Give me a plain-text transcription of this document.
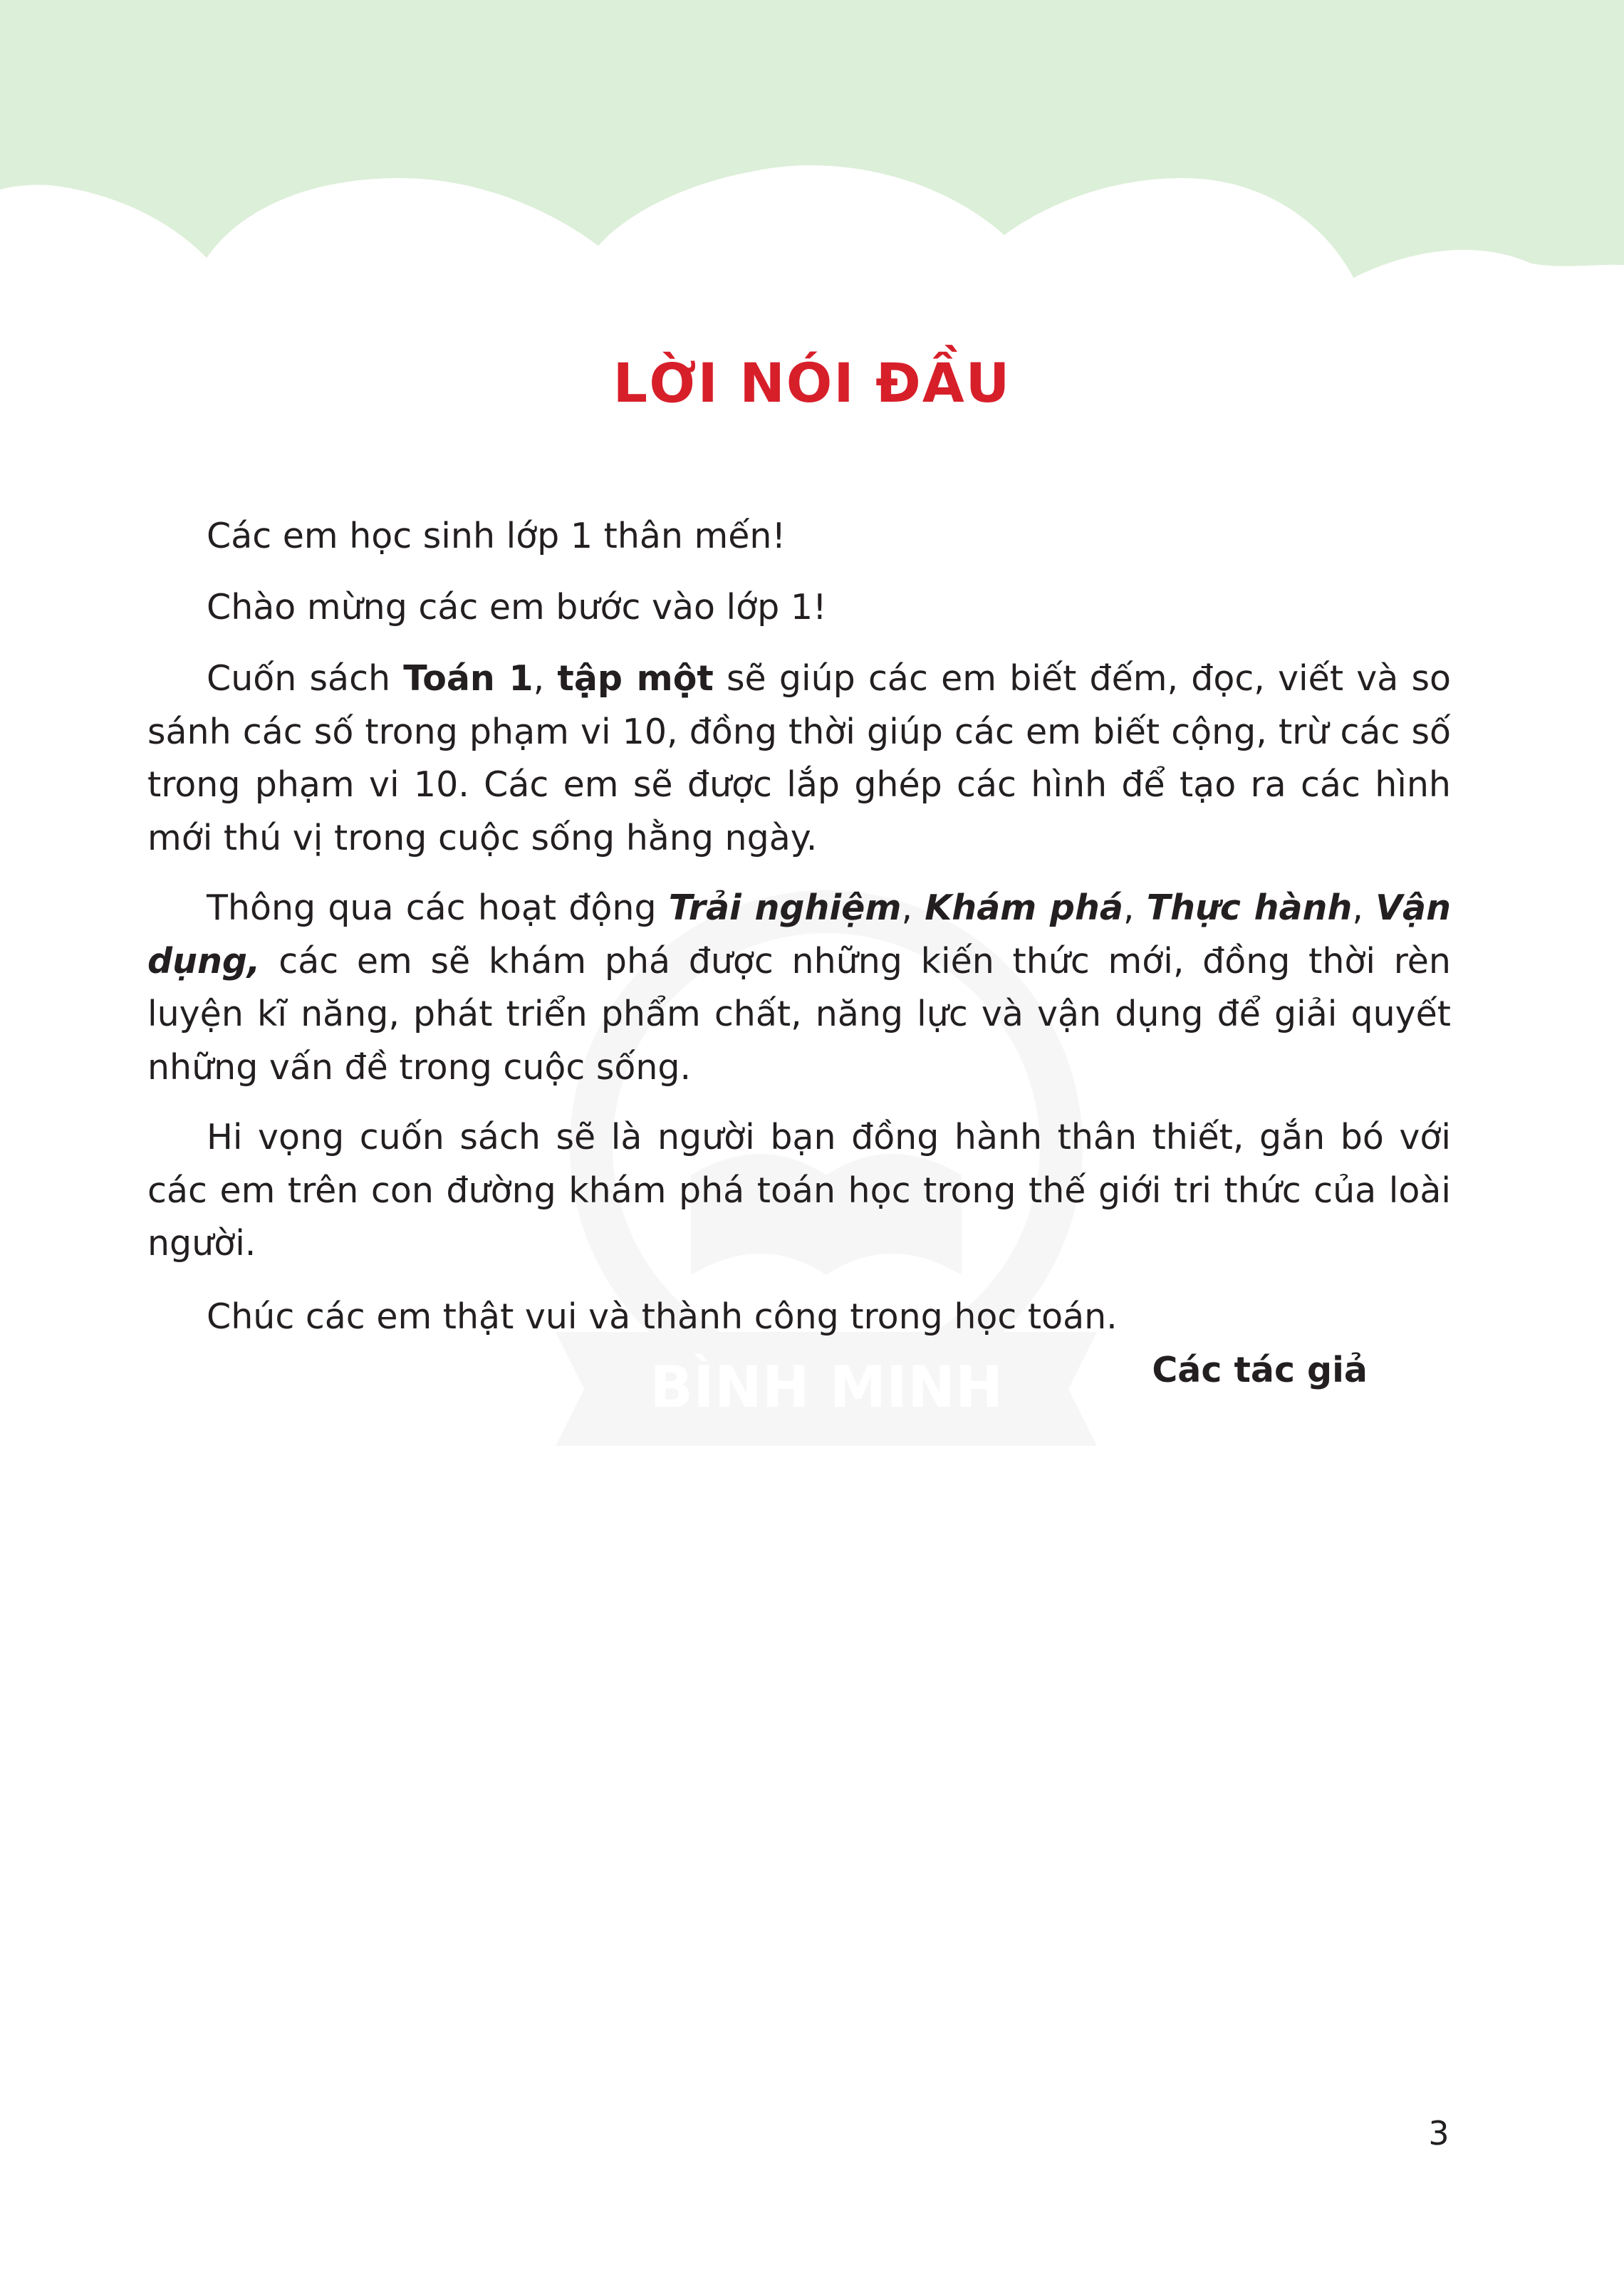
BÌNH MINH
LỜI NÓI ĐẦU

Các em học sinh lớp 1 thân mến!

Chào mừng các em bước vào lớp 1!

Cuốn sách Toán 1, tập một sẽ giúp các em biết đếm, đọc, viết và so sánh các số trong phạm vi 10, đồng thời giúp các em biết cộng, trừ các số trong phạm vi 10. Các em sẽ được lắp ghép các hình để tạo ra các hình mới thú vị trong cuộc sống hằng ngày.

Thông qua các hoạt động Trải nghiệm, Khám phá, Thực hành, Vận dụng, các em sẽ khám phá được những kiến thức mới, đồng thời rèn luyện kĩ năng, phát triển phẩm chất, năng lực và vận dụng để giải quyết những vấn đề trong cuộc sống.

Hi vọng cuốn sách sẽ là người bạn đồng hành thân thiết, gắn bó với các em trên con đường khám phá toán học trong thế giới tri thức của loài người.

Chúc các em thật vui và thành công trong học toán.

Các tác giả

3
